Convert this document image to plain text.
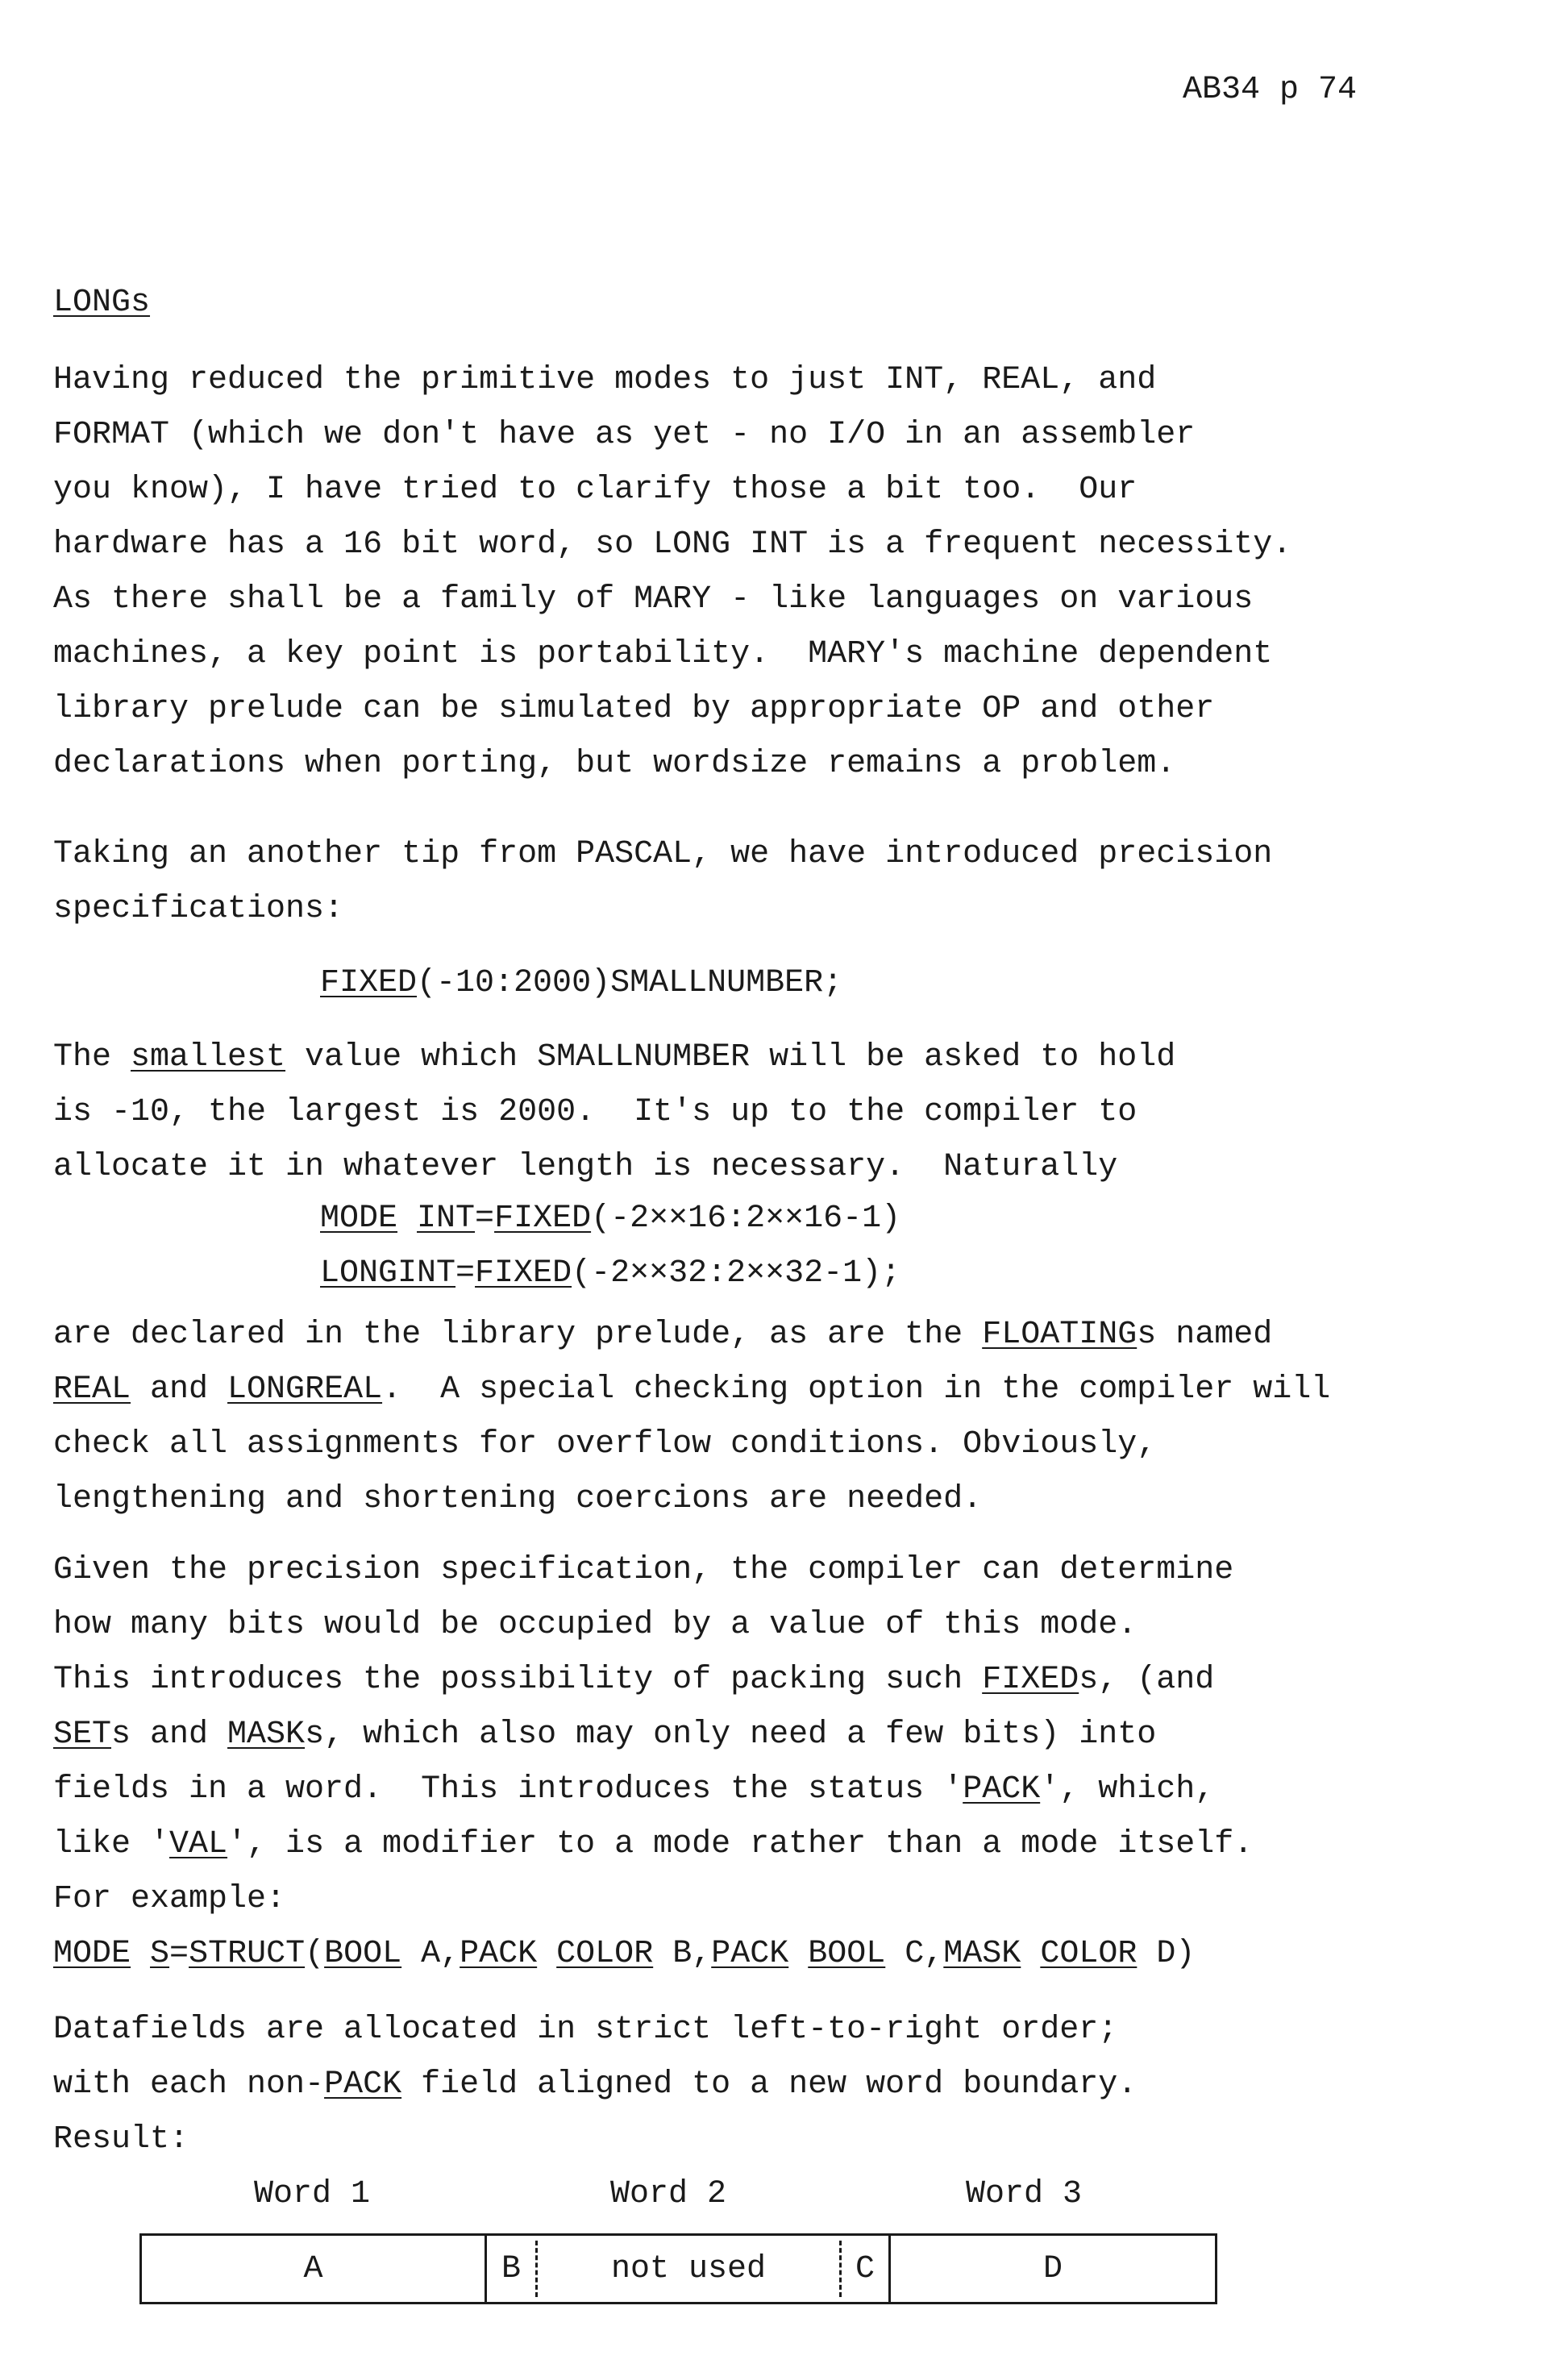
AB34 p 74
LONGs
Having reduced the primitive modes to just INT, REAL, and
FORMAT (which we don't have as yet - no I/O in an assembler
you know), I have tried to clarify those a bit too.  Our
hardware has a 16 bit word, so LONG INT is a frequent necessity.
As there shall be a family of MARY - like languages on various
machines, a key point is portability.  MARY's machine dependent
library prelude can be simulated by appropriate OP and other
declarations when porting, but wordsize remains a problem.
Taking an another tip from PASCAL, we have introduced precision
specifications:
FIXED(-10:2000)SMALLNUMBER;
The smallest value which SMALLNUMBER will be asked to hold
is -10, the largest is 2000.  It's up to the compiler to
allocate it in whatever length is necessary.  Naturally
MODE INT=FIXED(-2××16:2××16-1)
LONGINT=FIXED(-2××32:2××32-1);
are declared in the library prelude, as are the FLOATINGs named
REAL and LONGREAL.  A special checking option in the compiler will
check all assignments for overflow conditions. Obviously,
lengthening and shortening coercions are needed.
Given the precision specification, the compiler can determine
how many bits would be occupied by a value of this mode.
This introduces the possibility of packing such FIXEDs, (and
SETs and MASKs, which also may only need a few bits) into
fields in a word.  This introduces the status 'PACK', which,
like 'VAL', is a modifier to a mode rather than a mode itself.
For example:
MODE S=STRUCT(BOOL A,PACK COLOR B,PACK BOOL C,MASK COLOR D)
Datafields are allocated in strict left-to-right order;
with each non-PACK field aligned to a new word boundary.
Result:
Word 1	Word 2	Word 3
A	B	not used	C	D
